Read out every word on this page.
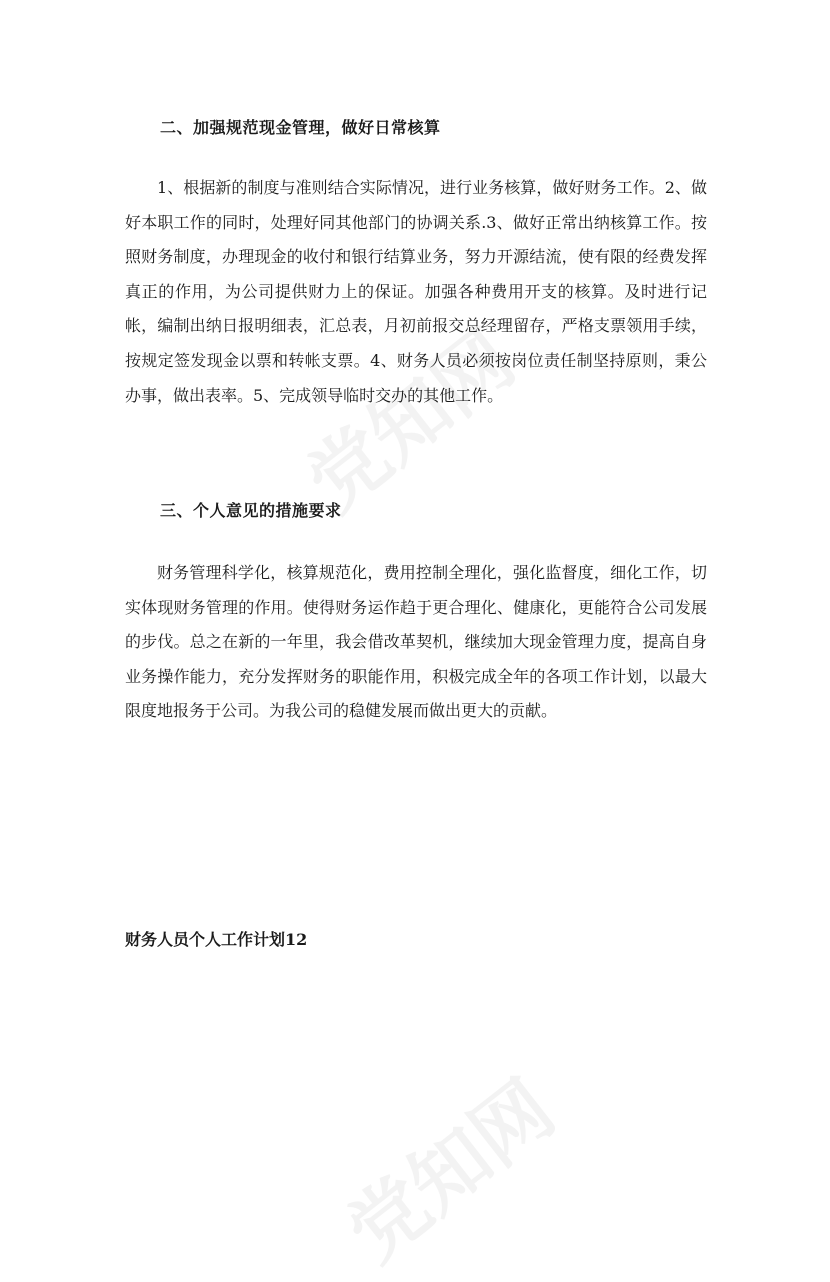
二、加强规范现金管理，做好日常核算

1、根据新的制度与准则结合实际情况，进行业务核算，做好财务工作。2、做好本职工作的同时，处理好同其他部门的协调关系.3、做好正常出纳核算工作。按照财务制度，办理现金的收付和银行结算业务，努力开源结流，使有限的经费发挥真正的作用，为公司提供财力上的保证。加强各种费用开支的核算。及时进行记帐，编制出纳日报明细表，汇总表，月初前报交总经理留存，严格支票领用手续，按规定签发现金以票和转帐支票。4、财务人员必须按岗位责任制坚持原则，秉公办事，做出表率。5、完成领导临时交办的其他工作。

三、个人意见的措施要求

财务管理科学化，核算规范化，费用控制全理化，强化监督度，细化工作，切实体现财务管理的作用。使得财务运作趋于更合理化、健康化，更能符合公司发展的步伐。总之在新的一年里，我会借改革契机，继续加大现金管理力度，提高自身业务操作能力，充分发挥财务的职能作用，积极完成全年的各项工作计划，以最大限度地报务于公司。为我公司的稳健发展而做出更大的贡献。

财务人员个人工作计划12
